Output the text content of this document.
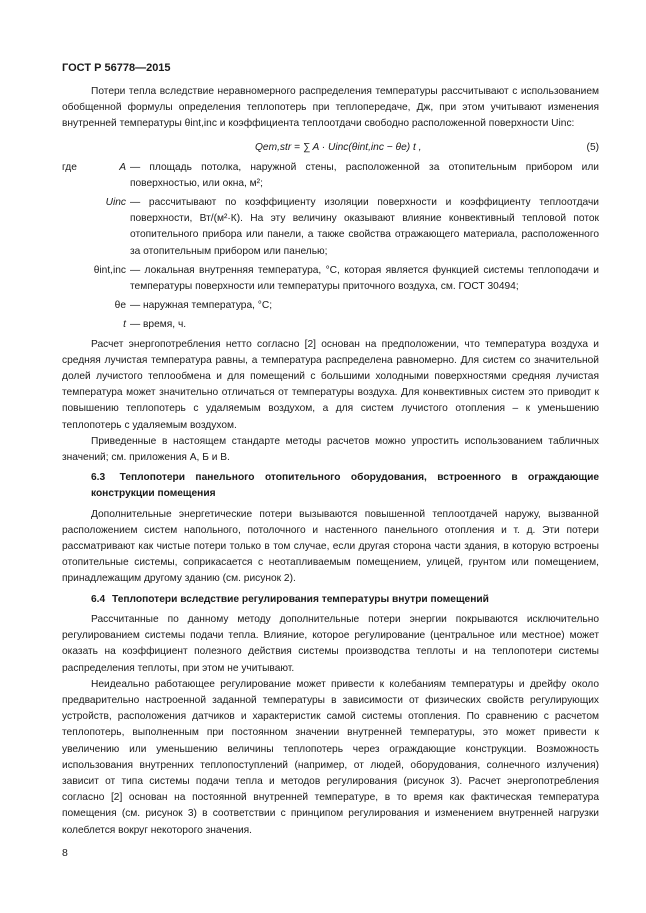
ГОСТ Р 56778—2015

Потери тепла вследствие неравномерного распределения температуры рассчитывают с использованием обобщенной формулы определения теплопотерь при теплопередаче, Дж, при этом учитывают изменения внутренней температуры θint,inc и коэффициента теплоотдачи свободно расположенной поверхности Uinc:

Qem,str = ∑ A · Uinc(θint,inc − θe) t ,	(5)
где	A — площадь потолка, наружной стены, расположенной за отопительным прибором или поверхностью, или окна, м²;
Uinc — рассчитывают по коэффициенту изоляции поверхности и коэффициенту теплоотдачи поверхности, Вт/(м²·К). На эту величину оказывают влияние конвективный тепловой поток отопительного прибора или панели, а также свойства отражающего материала, расположенного за отопительным прибором или панелью;
θint,inc — локальная внутренняя температура, °С, которая является функцией системы теплоподачи и температуры поверхности или температуры приточного воздуха, см. ГОСТ 30494;
θe — наружная температура, °С;
t — время, ч.

Расчет энергопотребления нетто согласно [2] основан на предположении, что температура воздуха и средняя лучистая температура равны, а температура распределена равномерно. Для систем со значительной долей лучистого теплообмена и для помещений с большими холодными поверхностями средняя лучистая температура может значительно отличаться от температуры воздуха. Для конвективных систем это приводит к повышению теплопотерь с удаляемым воздухом, а для систем лучистого отопления – к уменьшению теплопотерь с удаляемым воздухом.

Приведенные в настоящем стандарте методы расчетов можно упростить использованием табличных значений; см. приложения А, Б и В.

6.3 Теплопотери панельного отопительного оборудования, встроенного в ограждающие конструкции помещения

Дополнительные энергетические потери вызываются повышенной теплоотдачей наружу, вызванной расположением систем напольного, потолочного и настенного панельного отопления и т. д. Эти потери рассматривают как чистые потери только в том случае, если другая сторона части здания, в которую встроены отопительные системы, соприкасается с неотапливаемым помещением, улицей, грунтом или помещением, принадлежащим другому зданию (см. рисунок 2).

6.4 Теплопотери вследствие регулирования температуры внутри помещений

Рассчитанные по данному методу дополнительные потери энергии покрываются исключительно регулированием системы подачи тепла. Влияние, которое регулирование (центральное или местное) может оказать на коэффициент полезного действия системы производства теплоты и на теплопотери системы распределения теплоты, при этом не учитывают.

Неидеально работающее регулирование может привести к колебаниям температуры и дрейфу около предварительно настроенной заданной температуры в зависимости от физических свойств регулирующих устройств, расположения датчиков и характеристик самой системы отопления. По сравнению с расчетом теплопотерь, выполненным при постоянном значении внутренней температуры, это может привести к увеличению или уменьшению величины теплопотерь через ограждающие конструкции. Возможность использования внутренних теплопоступлений (например, от людей, оборудования, солнечного излучения) зависит от типа системы подачи тепла и методов регулирования (рисунок 3). Расчет энергопотребления согласно [2] основан на постоянной внутренней температуре, в то время как фактическая температура помещения (см. рисунок 3) в соответствии с принципом регулирования и изменением внутренней нагрузки колеблется вокруг некоторого значения.

8
